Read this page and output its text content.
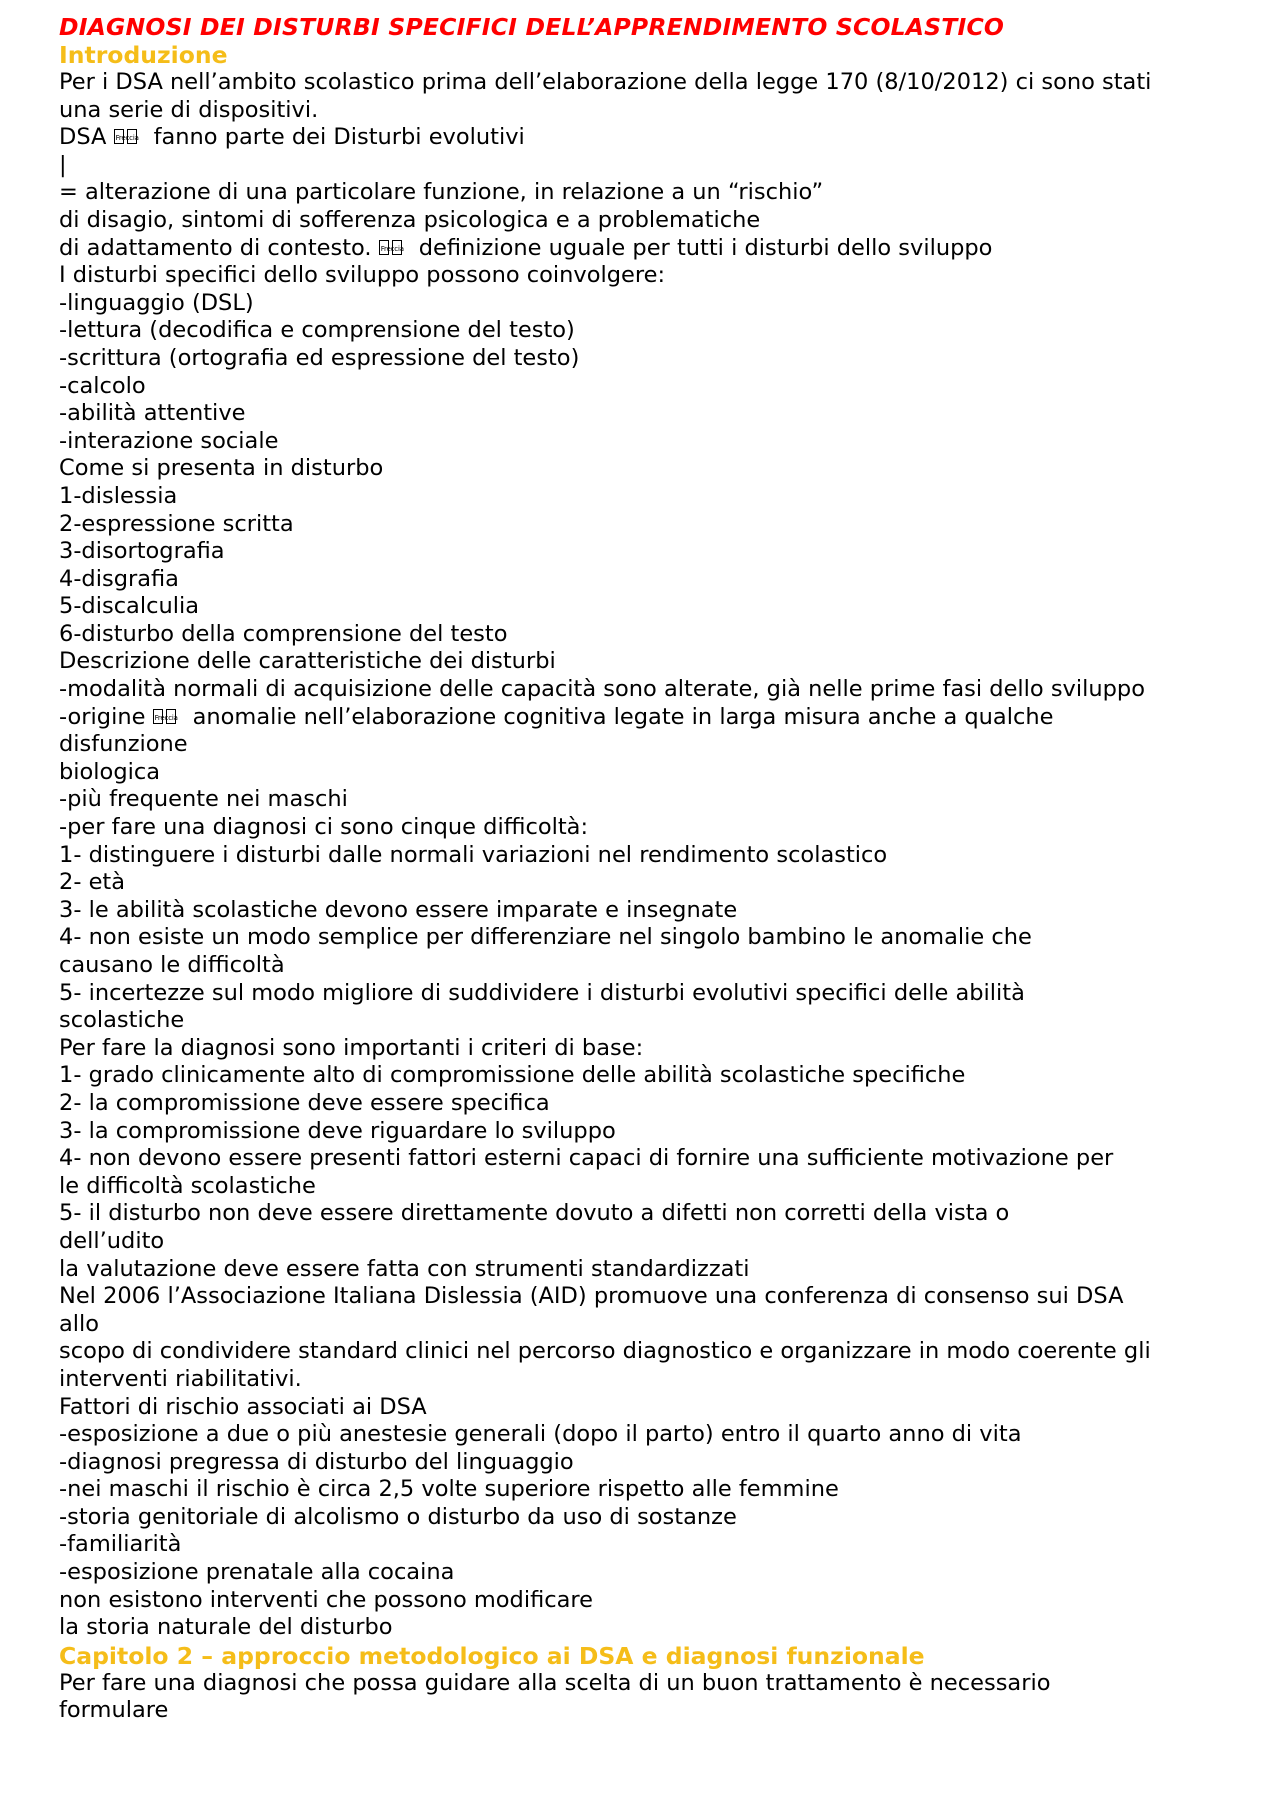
DIAGNOSI DEI DISTURBI SPECIFICI DELL’APPRENDIMENTO SCOLASTICO
Introduzione
Per i DSA nell’ambito scolastico prima dell’elaborazione della legge 170 (8/10/2012) ci sono stati
una serie di dispositivi.
DSA Freccia fanno parte dei Disturbi evolutivi
|
= alterazione di una particolare funzione, in relazione a un “rischio”
di disagio, sintomi di sofferenza psicologica e a problematiche
di adattamento di contesto. Freccia definizione uguale per tutti i disturbi dello sviluppo
I disturbi specifici dello sviluppo possono coinvolgere:
-linguaggio (DSL)
-lettura (decodifica e comprensione del testo)
-scrittura (ortografia ed espressione del testo)
-calcolo
-abilità attentive
-interazione sociale
Come si presenta in disturbo
1-dislessia
2-espressione scritta
3-disortografia
4-disgrafia
5-discalculia
6-disturbo della comprensione del testo
Descrizione delle caratteristiche dei disturbi
-modalità normali di acquisizione delle capacità sono alterate, già nelle prime fasi dello sviluppo
-origine Freccia anomalie nell’elaborazione cognitiva legate in larga misura anche a qualche
disfunzione
biologica
-più frequente nei maschi
-per fare una diagnosi ci sono cinque difficoltà:
1- distinguere i disturbi dalle normali variazioni nel rendimento scolastico
2- età
3- le abilità scolastiche devono essere imparate e insegnate
4- non esiste un modo semplice per differenziare nel singolo bambino le anomalie che
causano le difficoltà
5- incertezze sul modo migliore di suddividere i disturbi evolutivi specifici delle abilità
scolastiche
Per fare la diagnosi sono importanti i criteri di base:
1- grado clinicamente alto di compromissione delle abilità scolastiche specifiche
2- la compromissione deve essere specifica
3- la compromissione deve riguardare lo sviluppo
4- non devono essere presenti fattori esterni capaci di fornire una sufficiente motivazione per
le difficoltà scolastiche
5- il disturbo non deve essere direttamente dovuto a difetti non corretti della vista o
dell’udito
la valutazione deve essere fatta con strumenti standardizzati
Nel 2006 l’Associazione Italiana Dislessia (AID) promuove una conferenza di consenso sui DSA
allo
scopo di condividere standard clinici nel percorso diagnostico e organizzare in modo coerente gli
interventi riabilitativi.
Fattori di rischio associati ai DSA
-esposizione a due o più anestesie generali (dopo il parto) entro il quarto anno di vita
-diagnosi pregressa di disturbo del linguaggio
-nei maschi il rischio è circa 2,5 volte superiore rispetto alle femmine
-storia genitoriale di alcolismo o disturbo da uso di sostanze
-familiarità
-esposizione prenatale alla cocaina
non esistono interventi che possono modificare
la storia naturale del disturbo
Capitolo 2 – approccio metodologico ai DSA e diagnosi funzionale
Per fare una diagnosi che possa guidare alla scelta di un buon trattamento è necessario
formulare
